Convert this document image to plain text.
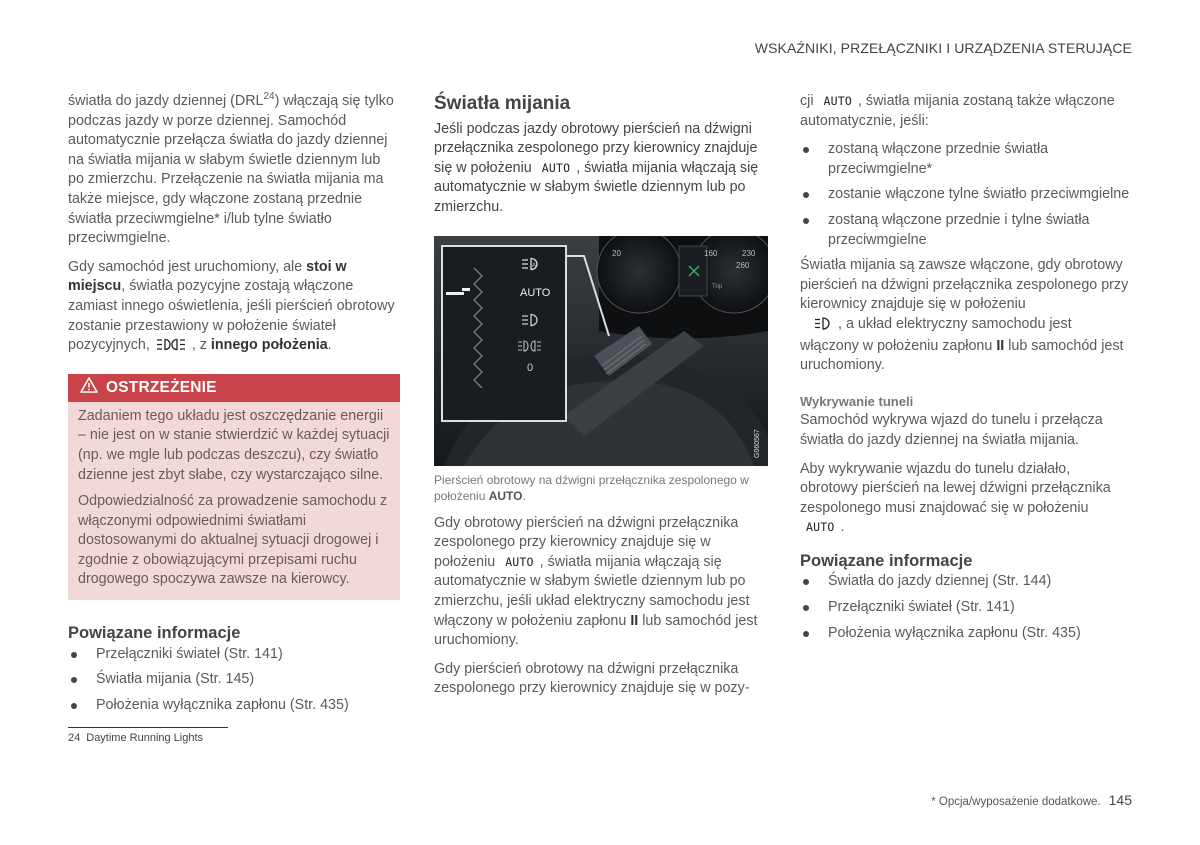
WSKAŹNIKI, PRZEŁĄCZNIKI I URZĄDZENIA STERUJĄCE

światła do jazdy dziennej (DRL$^{24}$) włączają się tylko podczas jazdy w porze dziennej. Samochód automatycznie przełącza światła do jazdy dziennej na światła mijania w słabym świetle dziennym lub po zmierzchu. Przełączenie na światła mijania ma także miejsce, gdy włączone zostaną przednie światła przeciwmgielne* i/lub tylne światło przeciwmgielne.

Gdy samochód jest uruchomiony, ale stoi w miejscu, światła pozycyjne zostają włączone zamiast innego oświetlenia, jeśli pierścień obrotowy zostanie przestawiony w położenie świateł pozycyjnych,	, z innego położenia.

OSTRZEŻENIE

Zadaniem tego układu jest oszczędzanie energii – nie jest on w stanie stwierdzić w każdej sytuacji (np. we mgle lub podczas deszczu), czy światło dzienne jest zbyt słabe, czy wystarczająco silne.

Odpowiedzialność za prowadzenie samochodu z włączonymi odpowiednimi światłami dostosowanymi do aktualnej sytuacji drogowej i zgodnie z obowiązującymi przepisami ruchu drogowego spoczywa zawsze na kierowcy.

Powiązane informacje
Przełączniki świateł (Str. 141)
Światła mijania (Str. 145)
Położenia wyłącznika zapłonu (Str. 435)
Światła mijania

Jeśli podczas jazdy obrotowy pierścień na dźwigni przełącznika zespolonego przy kierownicy znajduje się w położeniu AUTO , światła mijania włączają się automatycznie w słabym świetle dziennym lub po zmierzchu.

20	160	230
260
Trip
A
AUTO
0
G060567
Pierścień obrotowy na dźwigni przełącznika zespolonego w położeniu AUTO.

Gdy obrotowy pierścień na dźwigni przełącznika zespolonego przy kierownicy znajduje się w położeniu AUTO , światła mijania włączają się automatycznie w słabym świetle dziennym lub po zmierzchu, jeśli układ elektryczny samochodu jest włączony w położeniu zapłonu II lub samochód jest uruchomiony.

Gdy pierścień obrotowy na dźwigni przełącznika zespolonego przy kierownicy znajduje się w pozy-

cji AUTO , światła mijania zostaną także włączone automatycznie, jeśli:

zostaną włączone przednie światła przeciwmgielne*
zostanie włączone tylne światło przeciwmgielne
zostaną włączone przednie i tylne światła przeciwmgielne

Światła mijania są zawsze włączone, gdy obrotowy pierścień na dźwigni przełącznika zespolonego przy kierownicy znajduje się w położeniu
, a układ elektryczny samochodu jest włączony w położeniu zapłonu II lub samochód jest uruchomiony.

Wykrywanie tuneli

Samochód wykrywa wjazd do tunelu i przełącza światła do jazdy dziennej na światła mijania.

Aby wykrywanie wjazdu do tunelu działało, obrotowy pierścień na lewej dźwigni przełącznika zespolonego musi znajdować się w położeniu AUTO .

Powiązane informacje
Światła do jazdy dziennej (Str. 144)
Przełączniki świateł (Str. 141)
Położenia wyłącznika zapłonu (Str. 435)
24 Daytime Running Lights
* Opcja/wyposażenie dodatkowe. 145
